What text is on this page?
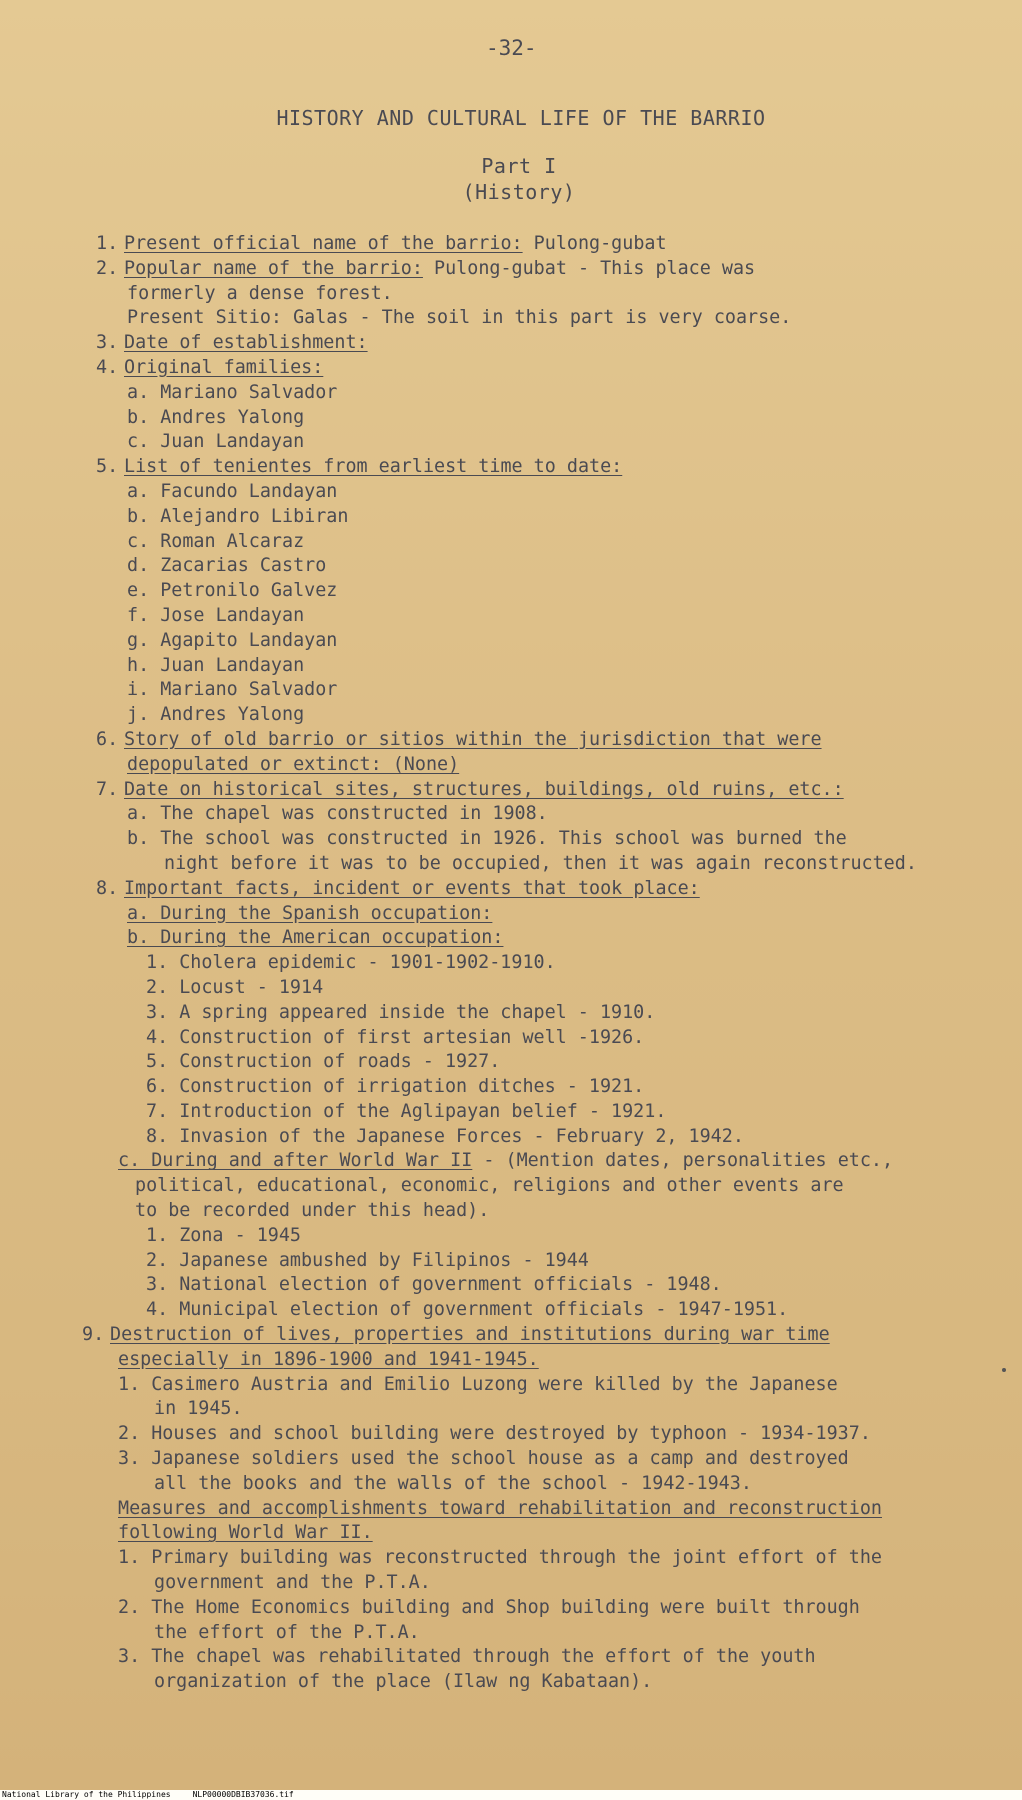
-32-
HISTORY AND CULTURAL LIFE OF THE BARRIO
Part I
(History)
1. Present official name of the barrio: Pulong-gubat
2. Popular name of the barrio: Pulong-gubat - This place was
formerly a dense forest.
Present Sitio: Galas - The soil in this part is very coarse.
3. Date of establishment:
4. Original families:
a. Mariano Salvador
b. Andres Yalong
c. Juan Landayan
5. List of tenientes from earliest time to date:
a. Facundo Landayan
b. Alejandro Libiran
c. Roman Alcaraz
d. Zacarias Castro
e. Petronilo Galvez
f. Jose Landayan
g. Agapito Landayan
h. Juan Landayan
i. Mariano Salvador
j. Andres Yalong
6. Story of old barrio or sitios within the jurisdiction that were
depopulated or extinct: (None)
7. Date on historical sites, structures, buildings, old ruins, etc.:
a. The chapel was constructed in 1908.
b. The school was constructed in 1926. This school was burned the
night before it was to be occupied, then it was again reconstructed.
8. Important facts, incident or events that took place:
a. During the Spanish occupation:
b. During the American occupation:
1. Cholera epidemic - 1901-1902-1910.
2. Locust - 1914
3. A spring appeared inside the chapel - 1910.
4. Construction of first artesian well -1926.
5. Construction of roads - 1927.
6. Construction of irrigation ditches - 1921.
7. Introduction of the Aglipayan belief - 1921.
8. Invasion of the Japanese Forces - February 2, 1942.
c. During and after World War II - (Mention dates, personalities etc.,
political, educational, economic, religions and other events are
to be recorded under this head).
1. Zona - 1945
2. Japanese ambushed by Filipinos - 1944
3. National election of government officials - 1948.
4. Municipal election of government officials - 1947-1951.
9. Destruction of lives, properties and institutions during war time
especially in 1896-1900 and 1941-1945.
1. Casimero Austria and Emilio Luzong were killed by the Japanese
in 1945.
2. Houses and school building were destroyed by typhoon - 1934-1937.
3. Japanese soldiers used the school house as a camp and destroyed
all the books and the walls of the school - 1942-1943.
Measures and accomplishments toward rehabilitation and reconstruction
following World War II.
1. Primary building was reconstructed through the joint effort of the
government and the P.T.A.
2. The Home Economics building and Shop building were built through
the effort of the P.T.A.
3. The chapel was rehabilitated through the effort of the youth
organization of the place (Ilaw ng Kabataan).
National Library of the Philippines	NLP00000DBIB37036.tif
